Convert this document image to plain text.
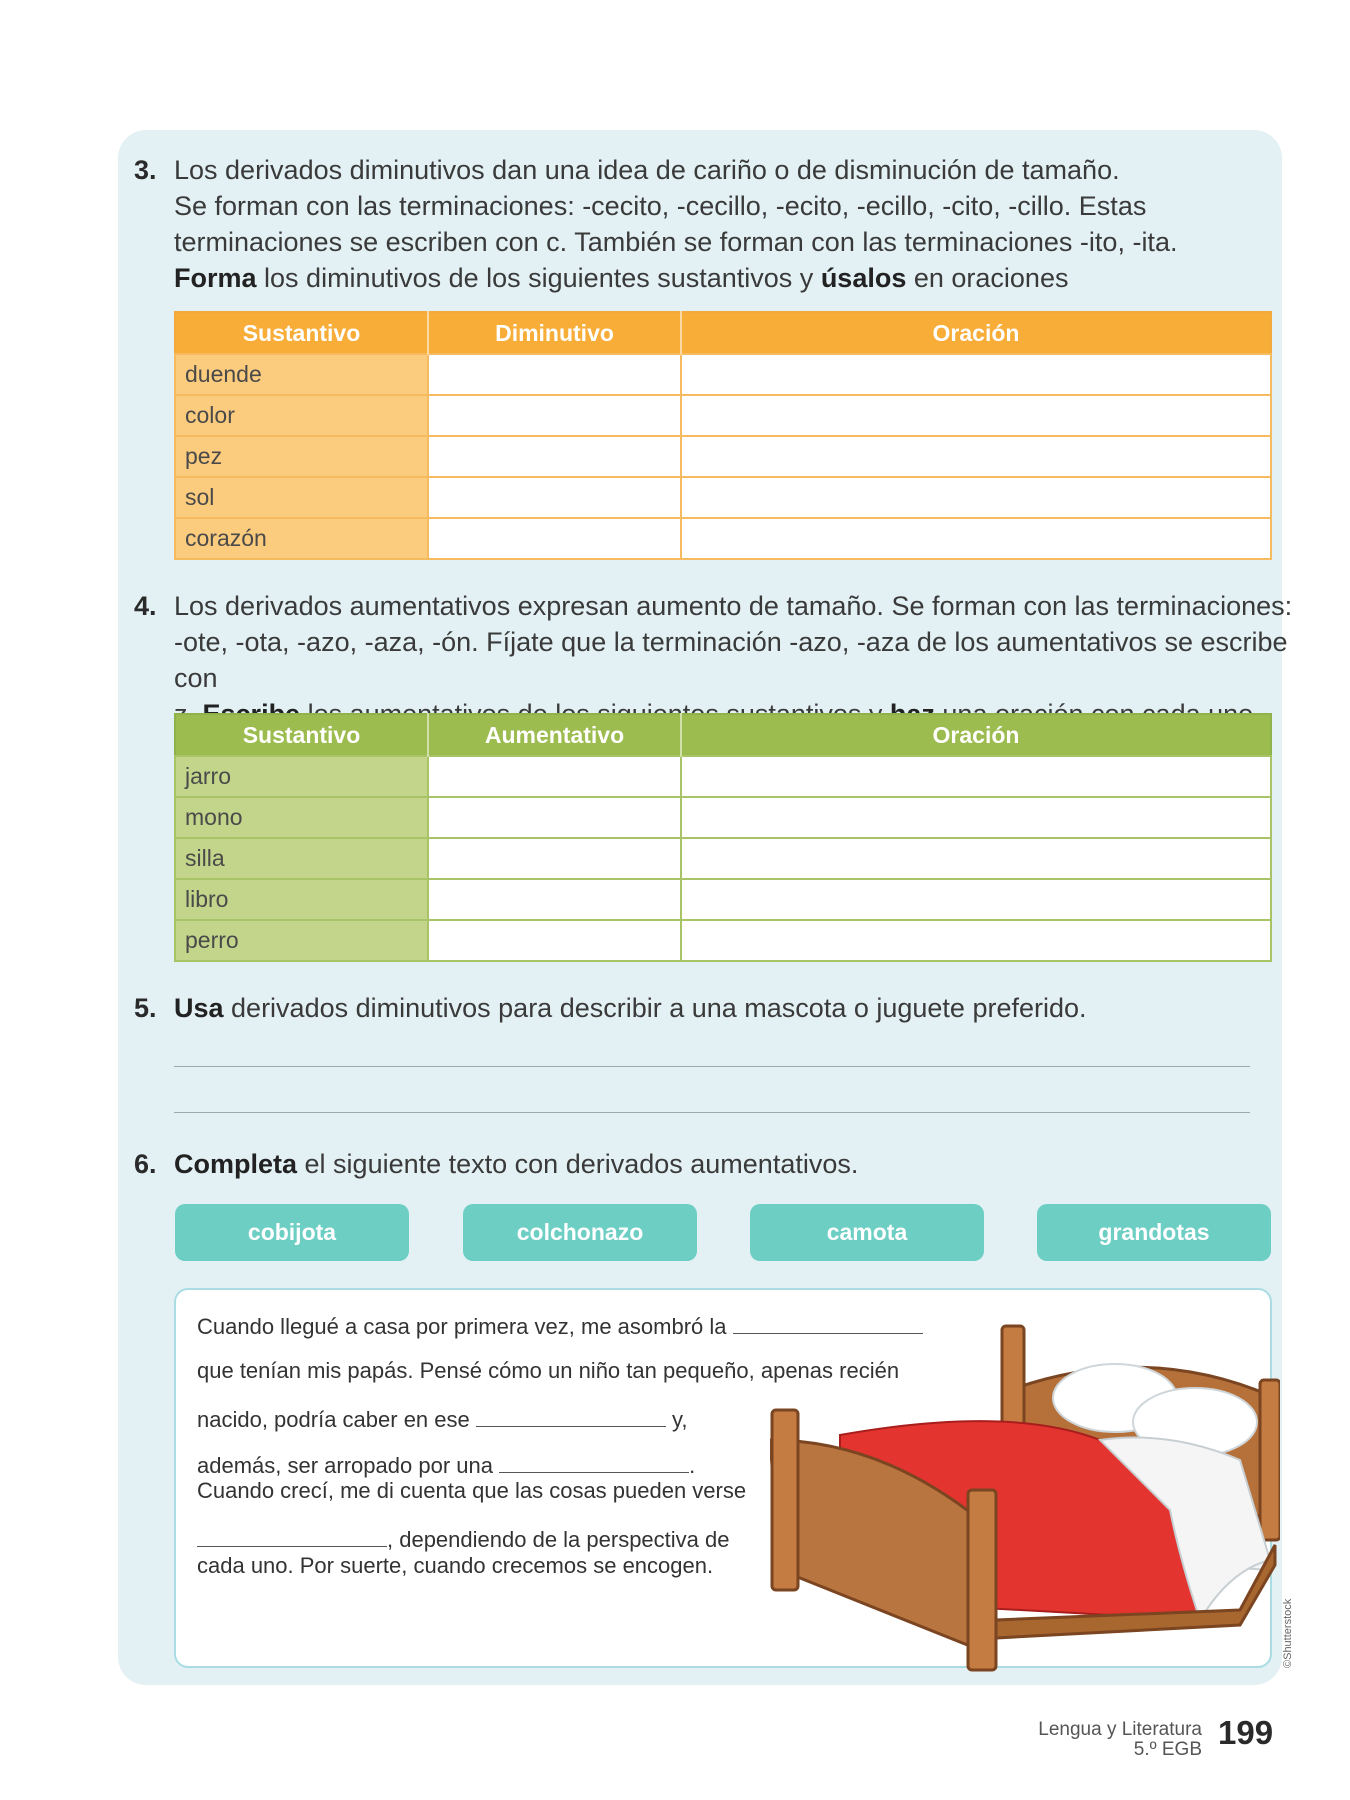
3. Los derivados diminutivos dan una idea de cariño o de disminución de tamaño.

Se forman con las terminaciones: -cecito, -cecillo, -ecito, -ecillo, -cito, -cillo. Estas

terminaciones se escriben con c. También se forman con las terminaciones -ito, -ita.

Forma los diminutivos de los siguientes sustantivos y úsalos en oraciones

Sustantivo	Diminutivo	Oración
duende		
color		
pez		
sol		
corazón		
4. Los derivados aumentativos expresan aumento de tamaño. Se forman con las terminaciones:

-ote, -ota, -azo, -aza, -ón. Fíjate que la terminación -azo, -aza de los aumentativos se escribe con

Sustantivo	Aumentativo	Oración
jarro		
mono		
silla		
libro		
perro		
5. Usa derivados diminutivos para describir a una mascota o juguete preferido.

6. Completa el siguiente texto con derivados aumentativos.

cobijota	colchonazo	camota	grandotas
Cuando llegué a casa por primera vez, me asombró la
que tenían mis papás. Pensé cómo un niño tan pequeño, apenas recién
nacido, podría caber en ese	y,
además, ser arropado por una	.
Cuando crecí, me di cuenta que las cosas pueden verse
, dependiendo de la perspectiva de
cada uno. Por suerte, cuando crecemos se encogen.
©Shutterstock
Lengua y Literatura
5.º EGB 199
